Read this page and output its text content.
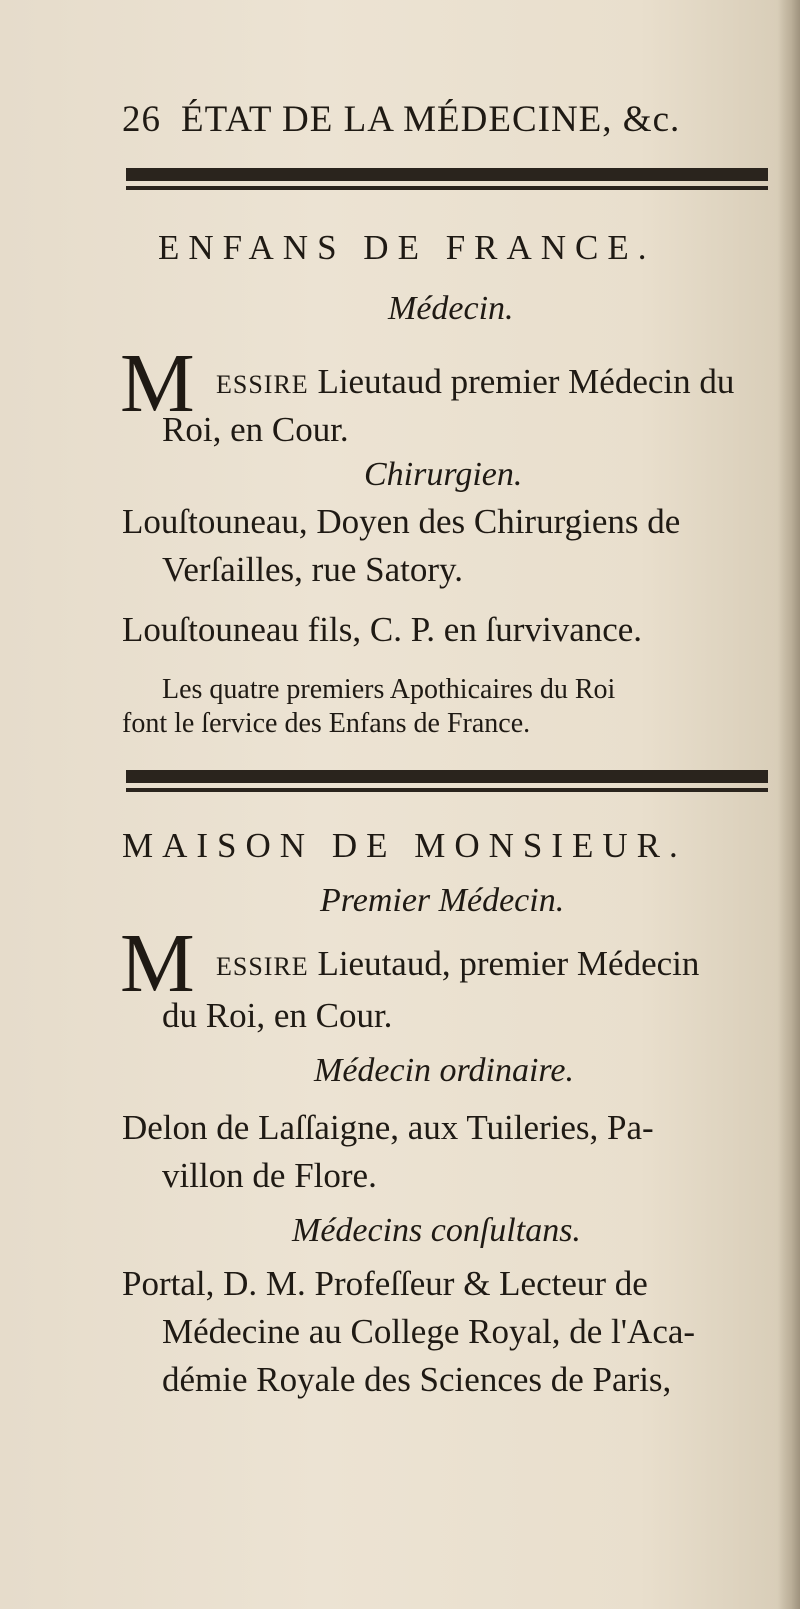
26 ÉTAT DE LA MÉDECINE, &c.
ENFANS DE FRANCE.
Médecin.
M ESSIRE Lieutaud premier Médecin du
Roi, en Cour.
Chirurgien.
Louſtouneau, Doyen des Chirurgiens de
Verſailles, rue Satory.
Louſtouneau fils, C. P. en ſurvivance.
Les quatre premiers Apothicaires du Roi
font le ſervice des Enfans de France.
MAISON DE MONSIEUR.
Premier Médecin.
M ESSIRE Lieutaud, premier Médecin
du Roi, en Cour.
Médecin ordinaire.
Delon de Laſſaigne, aux Tuileries, Pa-
villon de Flore.
Médecins conſultans.
Portal, D. M. Profeſſeur & Lecteur de
Médecine au College Royal, de l'Aca-
démie Royale des Sciences de Paris,
